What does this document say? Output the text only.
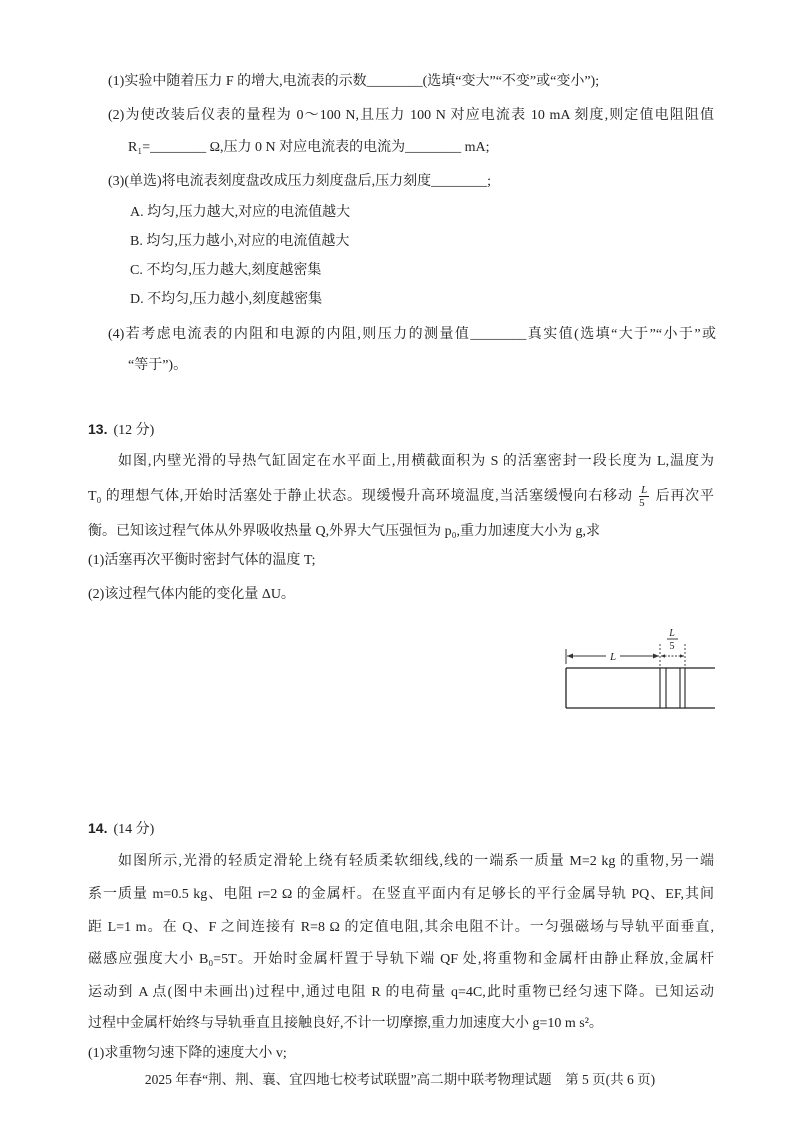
(1)实验中随着压力 F 的增大,电流表的示数________(选填“变大”“不变”或“变小”);
(2)为使改装后仪表的量程为 0～100 N,且压力 100 N 对应电流表 10 mA 刻度,则定值电阻阻值
R₁=________ Ω,压力 0 N 对应电流表的电流为________ mA;
(3)(单选)将电流表刻度盘改成压力刻度盘后,压力刻度________;
A. 均匀,压力越大,对应的电流值越大
B. 均匀,压力越小,对应的电流值越大
C. 不均匀,压力越大,刻度越密集
D. 不均匀,压力越小,刻度越密集
(4)若考虑电流表的内阻和电源的内阻,则压力的测量值________真实值(选填“大于”“小于”或
“等于”)。
13. (12 分)
如图,内壁光滑的导热气缸固定在水平面上,用横截面积为 S 的活塞密封一段长度为 L,温度为
T₀ 的理想气体,开始时活塞处于静止状态。现缓慢升高环境温度,当活塞缓慢向右移动 $\frac{L}{5}$ 后再次平
衡。已知该过程气体从外界吸收热量 Q,外界大气压强恒为 p₀,重力加速度大小为 g,求
(1)活塞再次平衡时密封气体的温度 T;
(2)该过程气体内能的变化量 ΔU。
L
5
L
14. (14 分)
如图所示,光滑的轻质定滑轮上绕有轻质柔软细线,线的一端系一质量 M=2 kg 的重物,另一端
系一质量 m=0.5 kg、电阻 r=2 Ω 的金属杆。在竖直平面内有足够长的平行金属导轨 PQ、EF,其间
距 L=1 m。在 Q、F 之间连接有 R=8 Ω 的定值电阻,其余电阻不计。一匀强磁场与导轨平面垂直,
磁感应强度大小 B₀=5T。开始时金属杆置于导轨下端 QF 处,将重物和金属杆由静止释放,金属杆
运动到 A 点(图中未画出)过程中,通过电阻 R 的电荷量 q=4C,此时重物已经匀速下降。已知运动
过程中金属杆始终与导轨垂直且接触良好,不计一切摩擦,重力加速度大小 g=10 m s²。
(1)求重物匀速下降的速度大小 v;
2025 年春“荆、荆、襄、宜四地七校考试联盟”高二期中联考物理试题　第 5 页(共 6 页)
